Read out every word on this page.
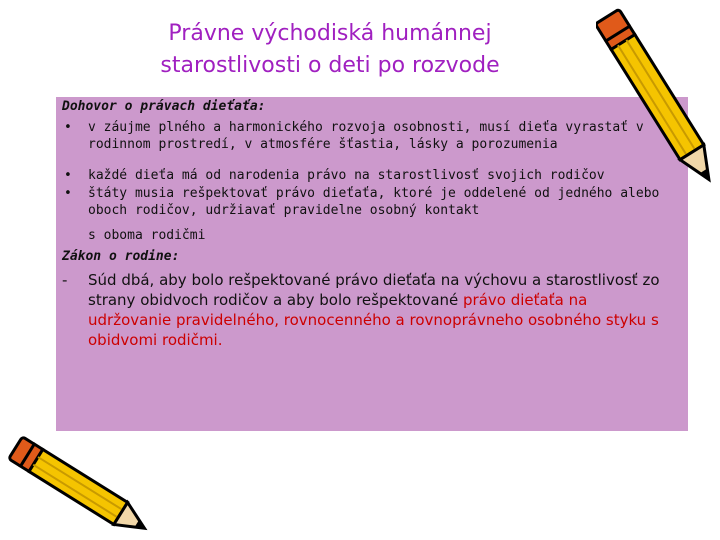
Právne východiská humánnej
starostlivosti o deti po rozvode
Dohovor o právach dieťaťa:
• v záujme plného a harmonického rozvoja osobnosti, musí dieťa vyrastať v rodinnom prostredí, v atmosfére šťastia, lásky a porozumenia
• každé dieťa má od narodenia právo na starostlivosť svojich rodičov
• štáty musia rešpektovať právo dieťaťa, ktoré je oddelené od jedného alebo oboch rodičov, udržiavať pravidelne osobný kontakt
s oboma rodičmi
Zákon o rodine:
- Súd dbá, aby bolo rešpektované právo dieťaťa na výchovu a starostlivosť zo strany obidvoch rodičov a aby bolo rešpektované právo dieťaťa na udržovanie pravidelného, rovnocenného a rovnoprávneho osobného styku s obidvomi rodičmi.
